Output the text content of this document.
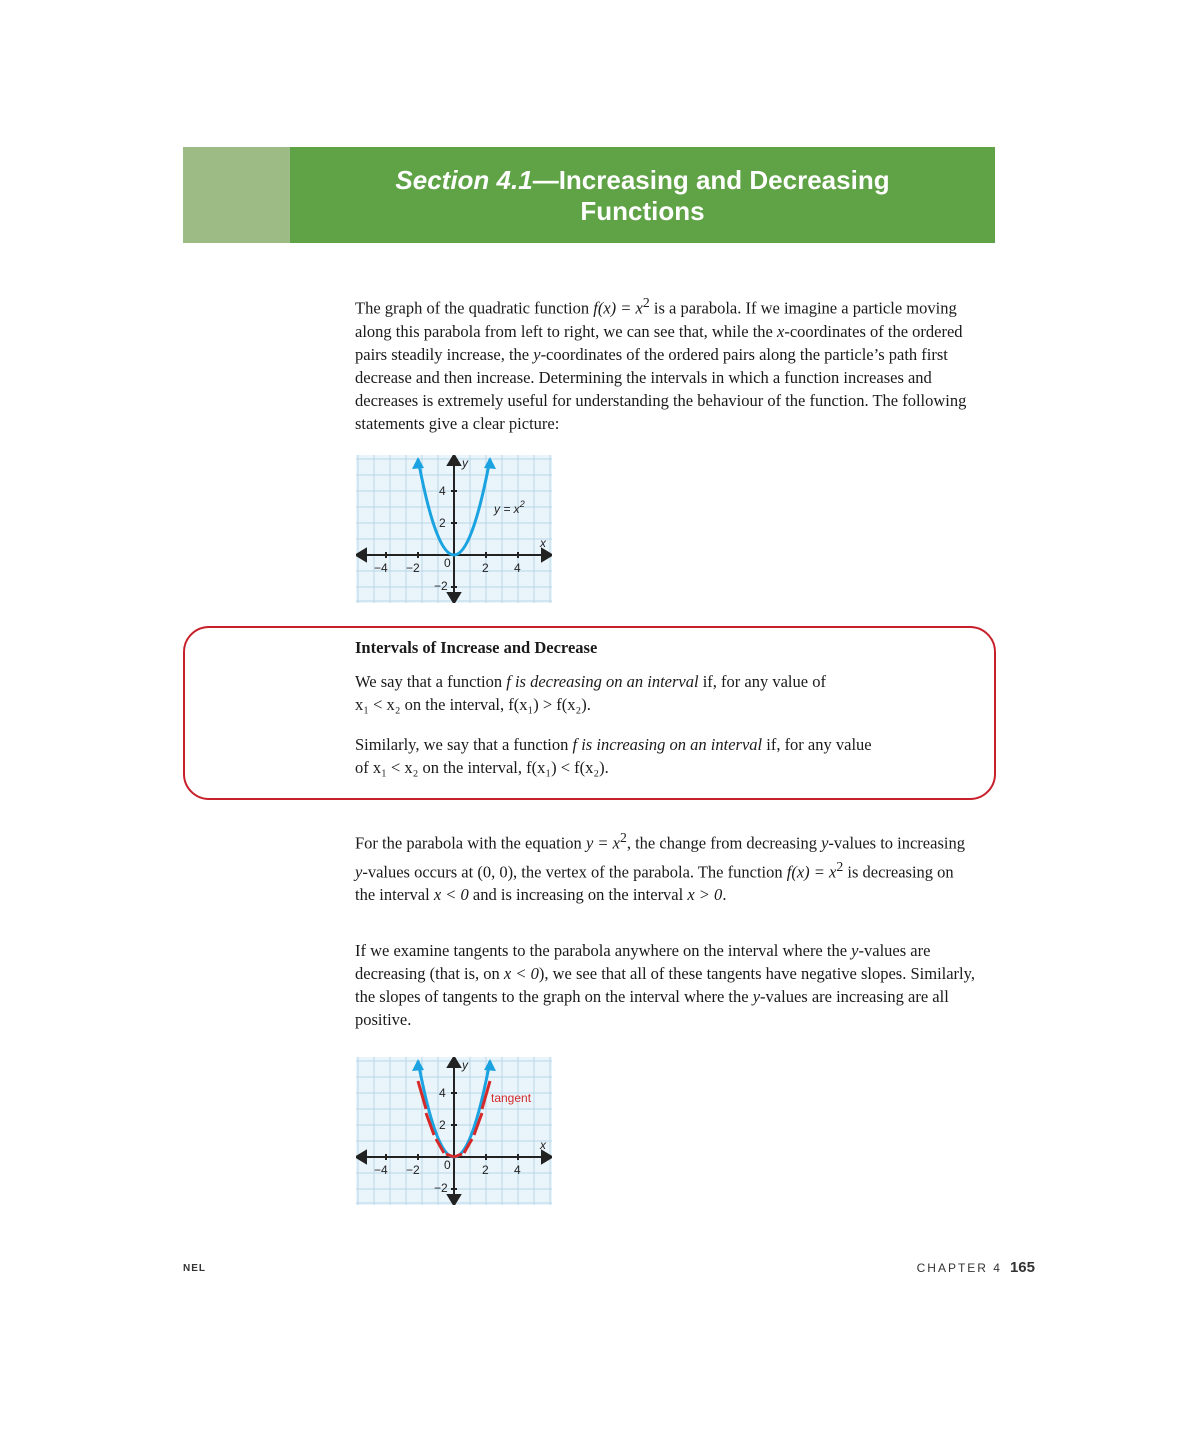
Section 4.1—Increasing and Decreasing
Functions

The graph of the quadratic function $f(x) = x^2$ is a parabola. If we imagine a particle moving along this parabola from left to right, we can see that, while the x-coordinates of the ordered pairs steadily increase, the y-coordinates of the ordered pairs along the particle’s path first decrease and then increase. Determining the intervals in which a function increases and decreases is extremely useful for understanding the behaviour of the function. The following statements give a clear picture:

y
x
−4 −2	2 4
4
2
−2
0
$y = x^2$
Intervals of Increase and Decrease

We say that a function f is decreasing on an interval if, for any value of
x₁ < x₂ on the interval, f(x₁) > f(x₂).

Similarly, we say that a function f is increasing on an interval if, for any value
of x₁ < x₂ on the interval, f(x₁) < f(x₂).

For the parabola with the equation $y = x^2$, the change from decreasing y-values to increasing y-values occurs at (0, 0), the vertex of the parabola. The function $f(x) = x^2$ is decreasing on the interval x < 0 and is increasing on the interval x > 0.

If we examine tangents to the parabola anywhere on the interval where the y-values are decreasing (that is, on x < 0), we see that all of these tangents have negative slopes. Similarly, the slopes of tangents to the graph on the interval where the y-values are increasing are all positive.

y
x
−4 −2	2 4
4
2
−2
0
tangent
NEL	CHAPTER 4 165
